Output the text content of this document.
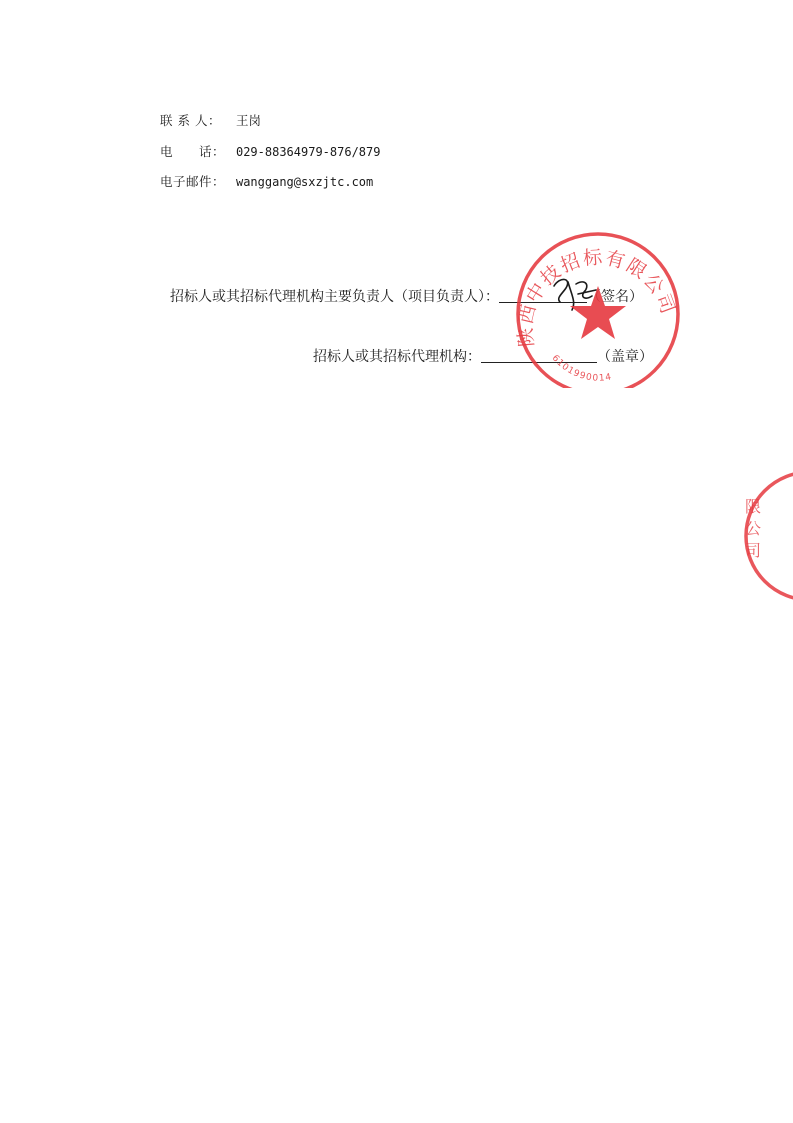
联 系 人： 王岗
电　　话： 029-88364979-876/879
电子邮件： wanggang@sxzjtc.com
招标人或其招标代理机构主要负责人（项目负责人）：	（签名）
招标人或其招标代理机构：	（盖章）
陕西中技招标有限公司
6101990014
限公司
